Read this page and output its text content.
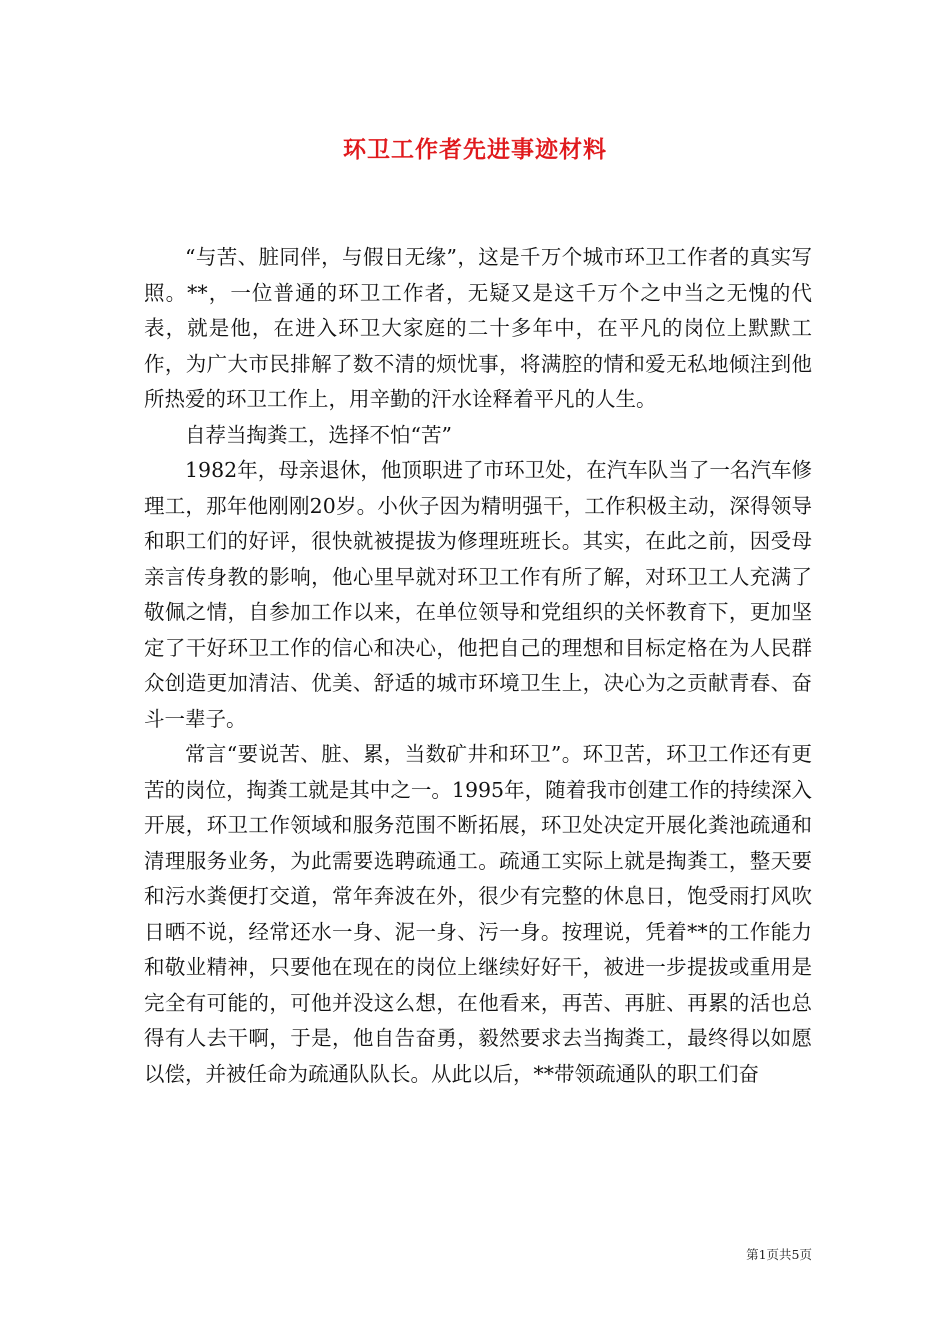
环卫工作者先进事迹材料

“与苦、脏同伴，与假日无缘”，这是千万个城市环卫工作者的真实写照。**，一位普通的环卫工作者，无疑又是这千万个之中当之无愧的代表，就是他，在进入环卫大家庭的二十多年中，在平凡的岗位上默默工作，为广大市民排解了数不清的烦忧事，将满腔的情和爱无私地倾注到他所热爱的环卫工作上，用辛勤的汗水诠释着平凡的人生。

自荐当掏粪工，选择不怕“苦”

1982年，母亲退休，他顶职进了市环卫处，在汽车队当了一名汽车修理工，那年他刚刚20岁。小伙子因为精明强干，工作积极主动，深得领导和职工们的好评，很快就被提拔为修理班班长。其实，在此之前，因受母亲言传身教的影响，他心里早就对环卫工作有所了解，对环卫工人充满了敬佩之情，自参加工作以来，在单位领导和党组织的关怀教育下，更加坚定了干好环卫工作的信心和决心，他把自己的理想和目标定格在为人民群众创造更加清洁、优美、舒适的城市环境卫生上，决心为之贡献青春、奋斗一辈子。

常言“要说苦、脏、累，当数矿井和环卫”。环卫苦，环卫工作还有更苦的岗位，掏粪工就是其中之一。1995年，随着我市创建工作的持续深入开展，环卫工作领域和服务范围不断拓展，环卫处决定开展化粪池疏通和清理服务业务，为此需要选聘疏通工。疏通工实际上就是掏粪工，整天要和污水粪便打交道，常年奔波在外，很少有完整的休息日，饱受雨打风吹日晒不说，经常还水一身、泥一身、污一身。按理说，凭着**的工作能力和敬业精神，只要他在现在的岗位上继续好好干，被进一步提拔或重用是完全有可能的，可他并没这么想，在他看来，再苦、再脏、再累的活也总得有人去干啊，于是，他自告奋勇，毅然要求去当掏粪工，最终得以如愿以偿，并被任命为疏通队队长。从此以后，**带领疏通队的职工们奋

第1页共5页
